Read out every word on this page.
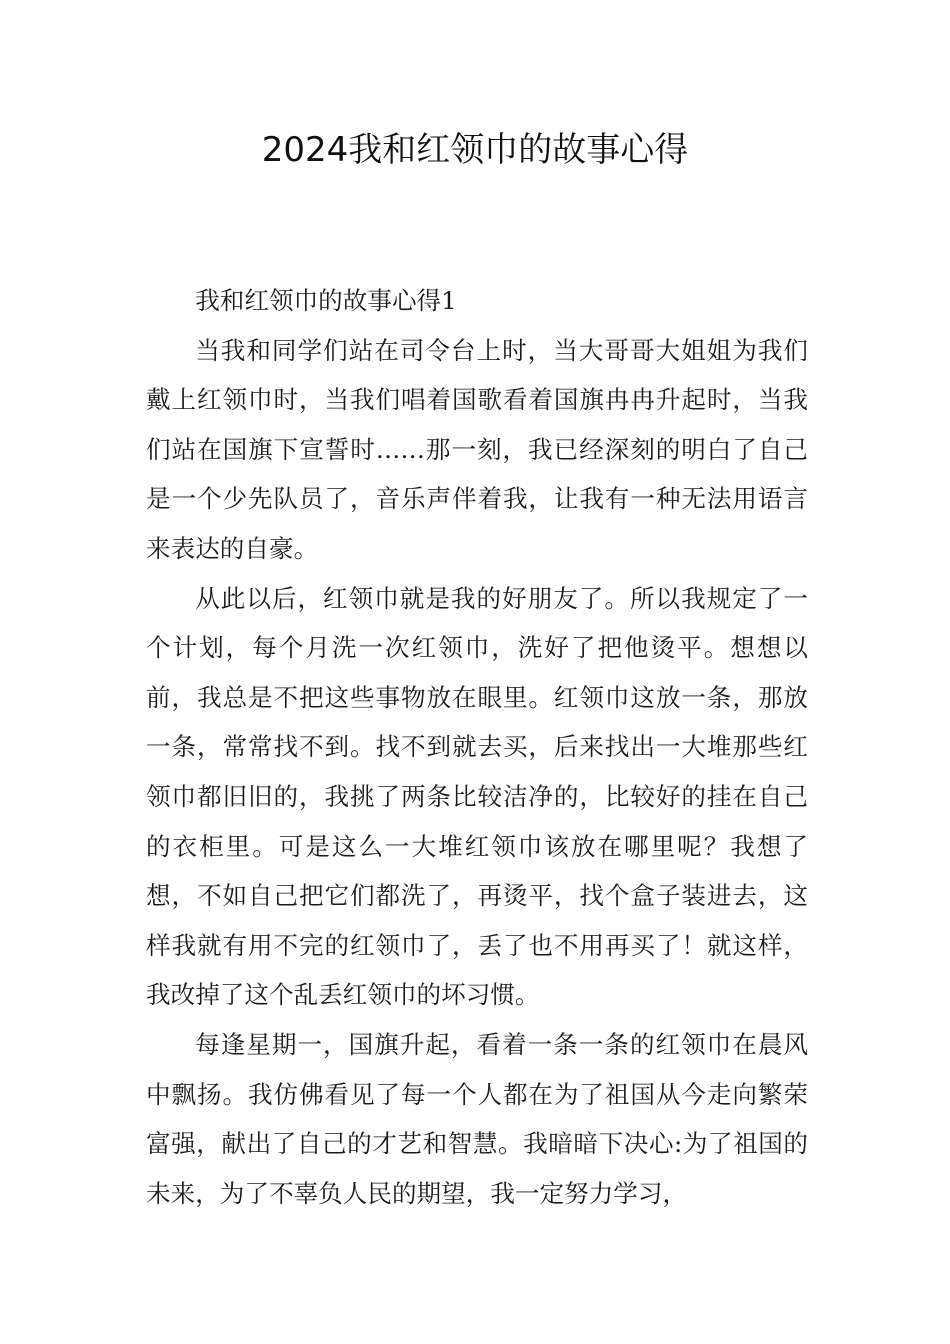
2024我和红领巾的故事心得

我和红领巾的故事心得1

当我和同学们站在司令台上时，当大哥哥大姐姐为我们戴上红领巾时，当我们唱着国歌看着国旗冉冉升起时，当我们站在国旗下宣誓时……那一刻，我已经深刻的明白了自己是一个少先队员了，音乐声伴着我，让我有一种无法用语言来表达的自豪。

从此以后，红领巾就是我的好朋友了。所以我规定了一个计划，每个月洗一次红领巾，洗好了把他烫平。想想以前，我总是不把这些事物放在眼里。红领巾这放一条，那放一条，常常找不到。找不到就去买，后来找出一大堆那些红领巾都旧旧的，我挑了两条比较洁净的，比较好的挂在自己的衣柜里。可是这么一大堆红领巾该放在哪里呢？我想了想，不如自己把它们都洗了，再烫平，找个盒子装进去，这样我就有用不完的红领巾了，丢了也不用再买了！就这样，我改掉了这个乱丢红领巾的坏习惯。

每逢星期一，国旗升起，看着一条一条的红领巾在晨风中飘扬。我仿佛看见了每一个人都在为了祖国从今走向繁荣富强，献出了自己的才艺和智慧。我暗暗下决心:为了祖国的未来，为了不辜负人民的期望，我一定努力学习，
